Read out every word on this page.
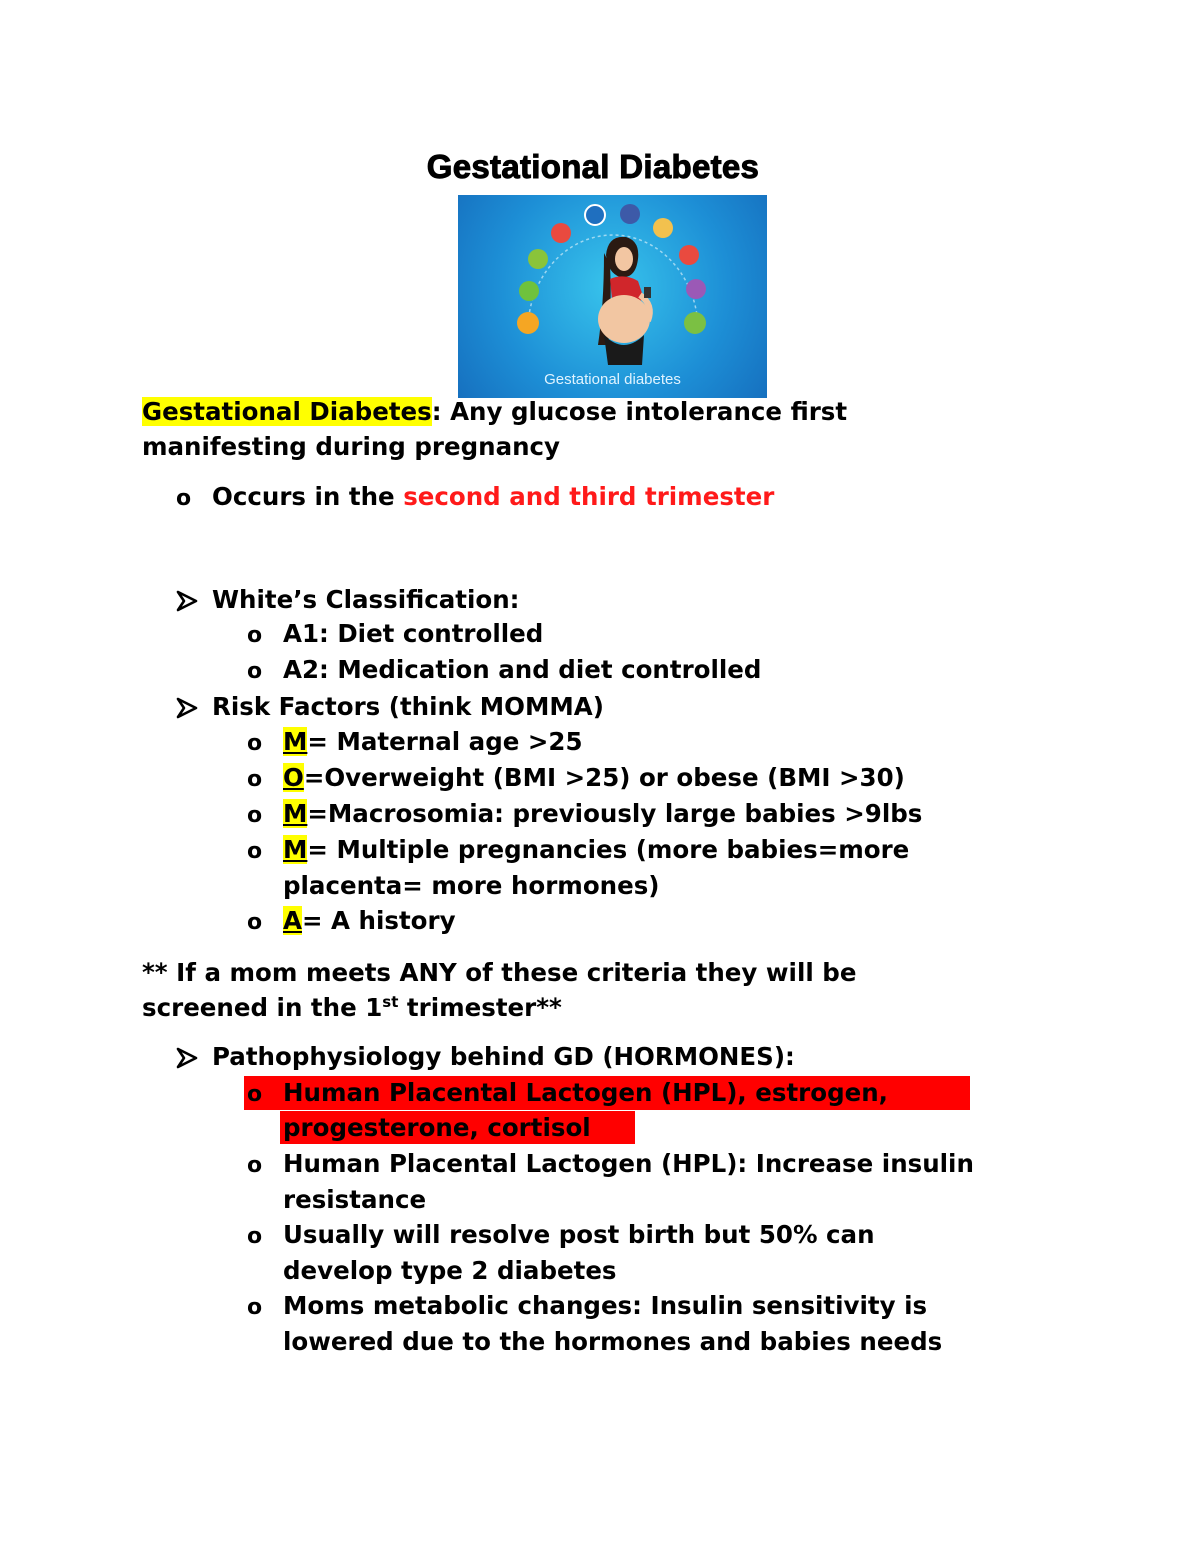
Gestational Diabetes
Gestational diabetes
Gestational Diabetes: Any glucose intolerance first
manifesting during pregnancy
o Occurs in the second and third trimester
White’s Classification:
o A1: Diet controlled
o A2: Medication and diet controlled
Risk Factors (think MOMMA)
o M= Maternal age >25
o O=Overweight (BMI >25) or obese (BMI >30)
o M=Macrosomia: previously large babies >9lbs
o M= Multiple pregnancies (more babies=more
placenta= more hormones)
o A= A history
** If a mom meets ANY of these criteria they will be
screened in the 1st trimester**
Pathophysiology behind GD (HORMONES):
o Human Placental Lactogen (HPL), estrogen,
progesterone, cortisol
o Human Placental Lactogen (HPL): Increase insulin
resistance
o Usually will resolve post birth but 50% can
develop type 2 diabetes
o Moms metabolic changes: Insulin sensitivity is
lowered due to the hormones and babies needs
